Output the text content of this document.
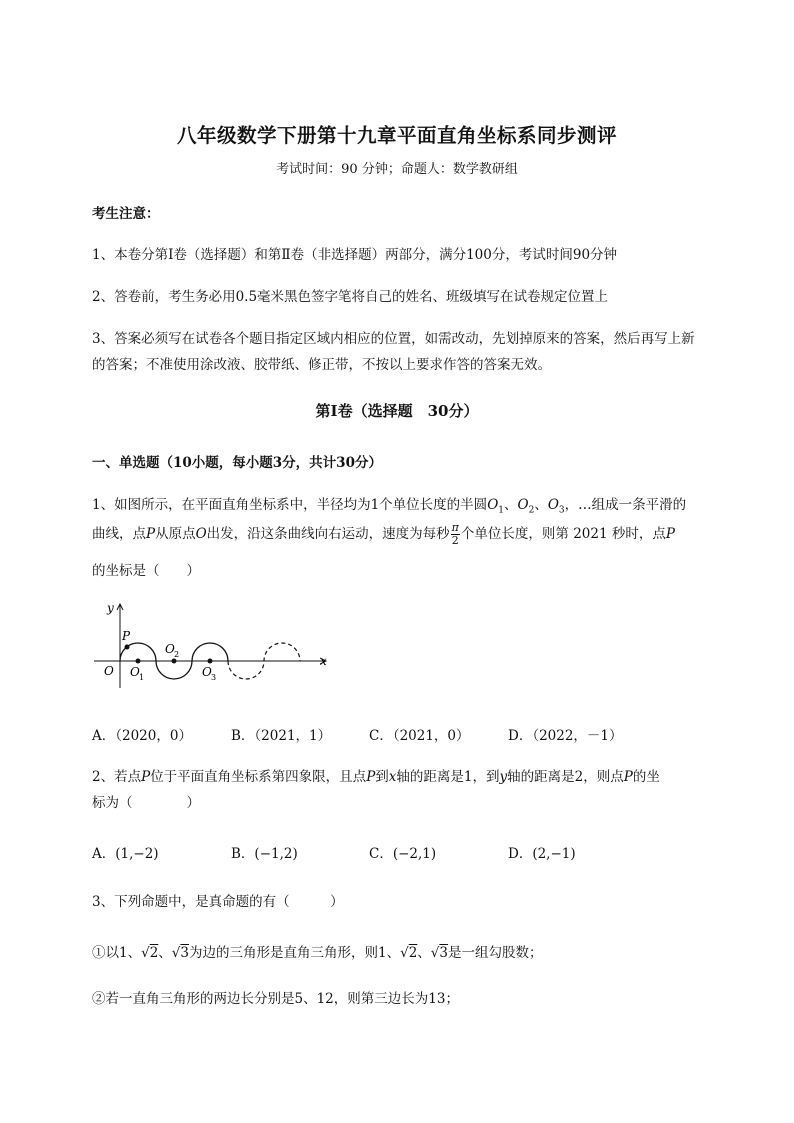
八年级数学下册第十九章平面直角坐标系同步测评
考试时间：90 分钟；命题人：数学教研组
考生注意：
1、本卷分第Ⅰ卷（选择题）和第Ⅱ卷（非选择题）两部分，满分100分，考试时间90分钟
2、答卷前，考生务必用0.5毫米黑色签字笔将自己的姓名、班级填写在试卷规定位置上
3、答案必须写在试卷各个题目指定区域内相应的位置，如需改动，先划掉原来的答案，然后再写上新
的答案；不准使用涂改液、胶带纸、修正带，不按以上要求作答的答案无效。
第Ⅰ卷（选择题　30分）
一、单选题（10小题，每小题3分，共计30分）
1、如图所示，在平面直角坐标系中，半径均为1个单位长度的半圆$O_1$、$O_2$、$O_3$，…组成一条平滑的
曲线，点P从原点O出发，沿这条曲线向右运动，速度为每秒 $\frac{\pi}{2}$ 个单位长度，则第 2021 秒时，点P
的坐标是（　　）
y
x
O
P
O 1
O 2
O 3
A．（2020，0）	B．（2021，1）	C．（2021，0）	D．（2022，－1）
2、若点P位于平面直角坐标系第四象限，且点P到x轴的距离是1，到y轴的距离是2，则点P的坐
标为（　　　　）
A．(1,−2)	B．(−1,2)	C．(−2,1)	D．(2,−1)
3、下列命题中，是真命题的有（　　　）
①以1、√2、√3为边的三角形是直角三角形，则1、√2、√3是一组勾股数；
②若一直角三角形的两边长分别是5、12，则第三边长为13；
